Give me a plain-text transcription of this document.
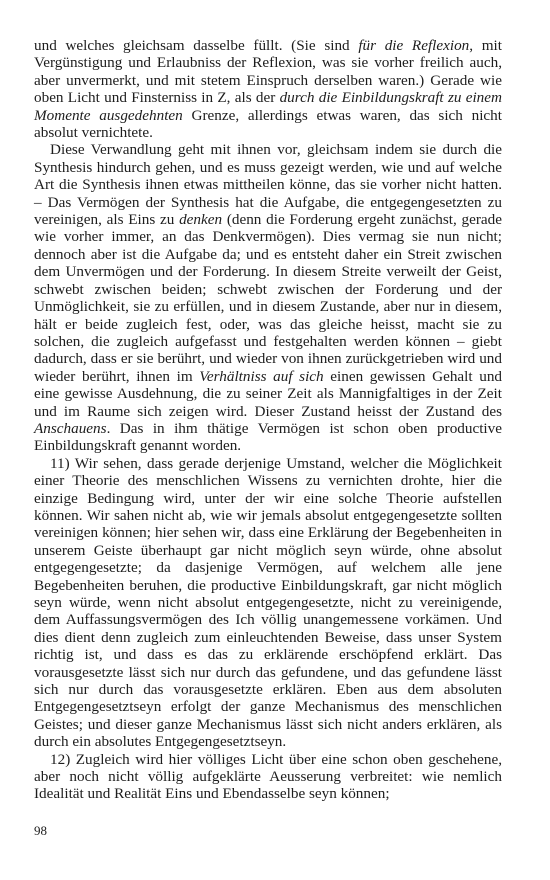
und welches gleichsam dasselbe füllt. (Sie sind für die Reflexion, mit Vergünstigung und Erlaubniss der Reflexion, was sie vorher freilich auch, aber unvermerkt, und mit stetem Einspruch derselben waren.) Gerade wie oben Licht und Finsterniss in Z, als der durch die Einbildungskraft zu einem Momente ausgedehnten Grenze, allerdings etwas waren, das sich nicht absolut vernichtete.

Diese Verwandlung geht mit ihnen vor, gleichsam indem sie durch die Synthesis hindurch gehen, und es muss gezeigt werden, wie und auf welche Art die Synthesis ihnen etwas mittheilen könne, das sie vorher nicht hatten. – Das Vermögen der Synthesis hat die Aufgabe, die entgegengesetzten zu vereinigen, als Eins zu denken (denn die Forderung ergeht zunächst, gerade wie vorher immer, an das Denkvermögen). Dies vermag sie nun nicht; dennoch aber ist die Aufgabe da; und es entsteht daher ein Streit zwischen dem Unvermögen und der Forderung. In diesem Streite verweilt der Geist, schwebt zwischen beiden; schwebt zwischen der Forderung und der Unmöglichkeit, sie zu erfüllen, und in diesem Zustande, aber nur in diesem, hält er beide zugleich fest, oder, was das gleiche heisst, macht sie zu solchen, die zugleich aufgefasst und festgehalten werden können – giebt dadurch, dass er sie berührt, und wieder von ihnen zurückgetrieben wird und wieder berührt, ihnen im Verhältniss auf sich einen gewissen Gehalt und eine gewisse Ausdehnung, die zu seiner Zeit als Mannigfaltiges in der Zeit und im Raume sich zeigen wird. Dieser Zustand heisst der Zustand des Anschauens. Das in ihm thätige Vermögen ist schon oben productive Einbildungskraft genannt worden.

11) Wir sehen, dass gerade derjenige Umstand, welcher die Möglichkeit einer Theorie des menschlichen Wissens zu vernichten drohte, hier die einzige Bedingung wird, unter der wir eine solche Theorie aufstellen können. Wir sahen nicht ab, wie wir jemals absolut entgegengesetzte sollten vereinigen können; hier sehen wir, dass eine Erklärung der Begebenheiten in unserem Geiste überhaupt gar nicht möglich seyn würde, ohne absolut entgegengesetzte; da dasjenige Vermögen, auf welchem alle jene Begebenheiten beruhen, die productive Einbildungskraft, gar nicht möglich seyn würde, wenn nicht absolut entgegengesetzte, nicht zu vereinigende, dem Auffassungsvermögen des Ich völlig unangemessene vorkämen. Und dies dient denn zugleich zum einleuchtenden Beweise, dass unser System richtig ist, und dass es das zu erklärende erschöpfend erklärt. Das vorausgesetzte lässt sich nur durch das gefundene, und das gefundene lässt sich nur durch das vorausgesetzte erklären. Eben aus dem absoluten Entgegengesetztseyn erfolgt der ganze Mechanismus des menschlichen Geistes; und dieser ganze Mechanismus lässt sich nicht anders erklären, als durch ein absolutes Entgegengesetztseyn.

12) Zugleich wird hier völliges Licht über eine schon oben geschehene, aber noch nicht völlig aufgeklärte Aeusserung verbreitet: wie nemlich Idealität und Realität Eins und Ebendasselbe seyn können;

98
